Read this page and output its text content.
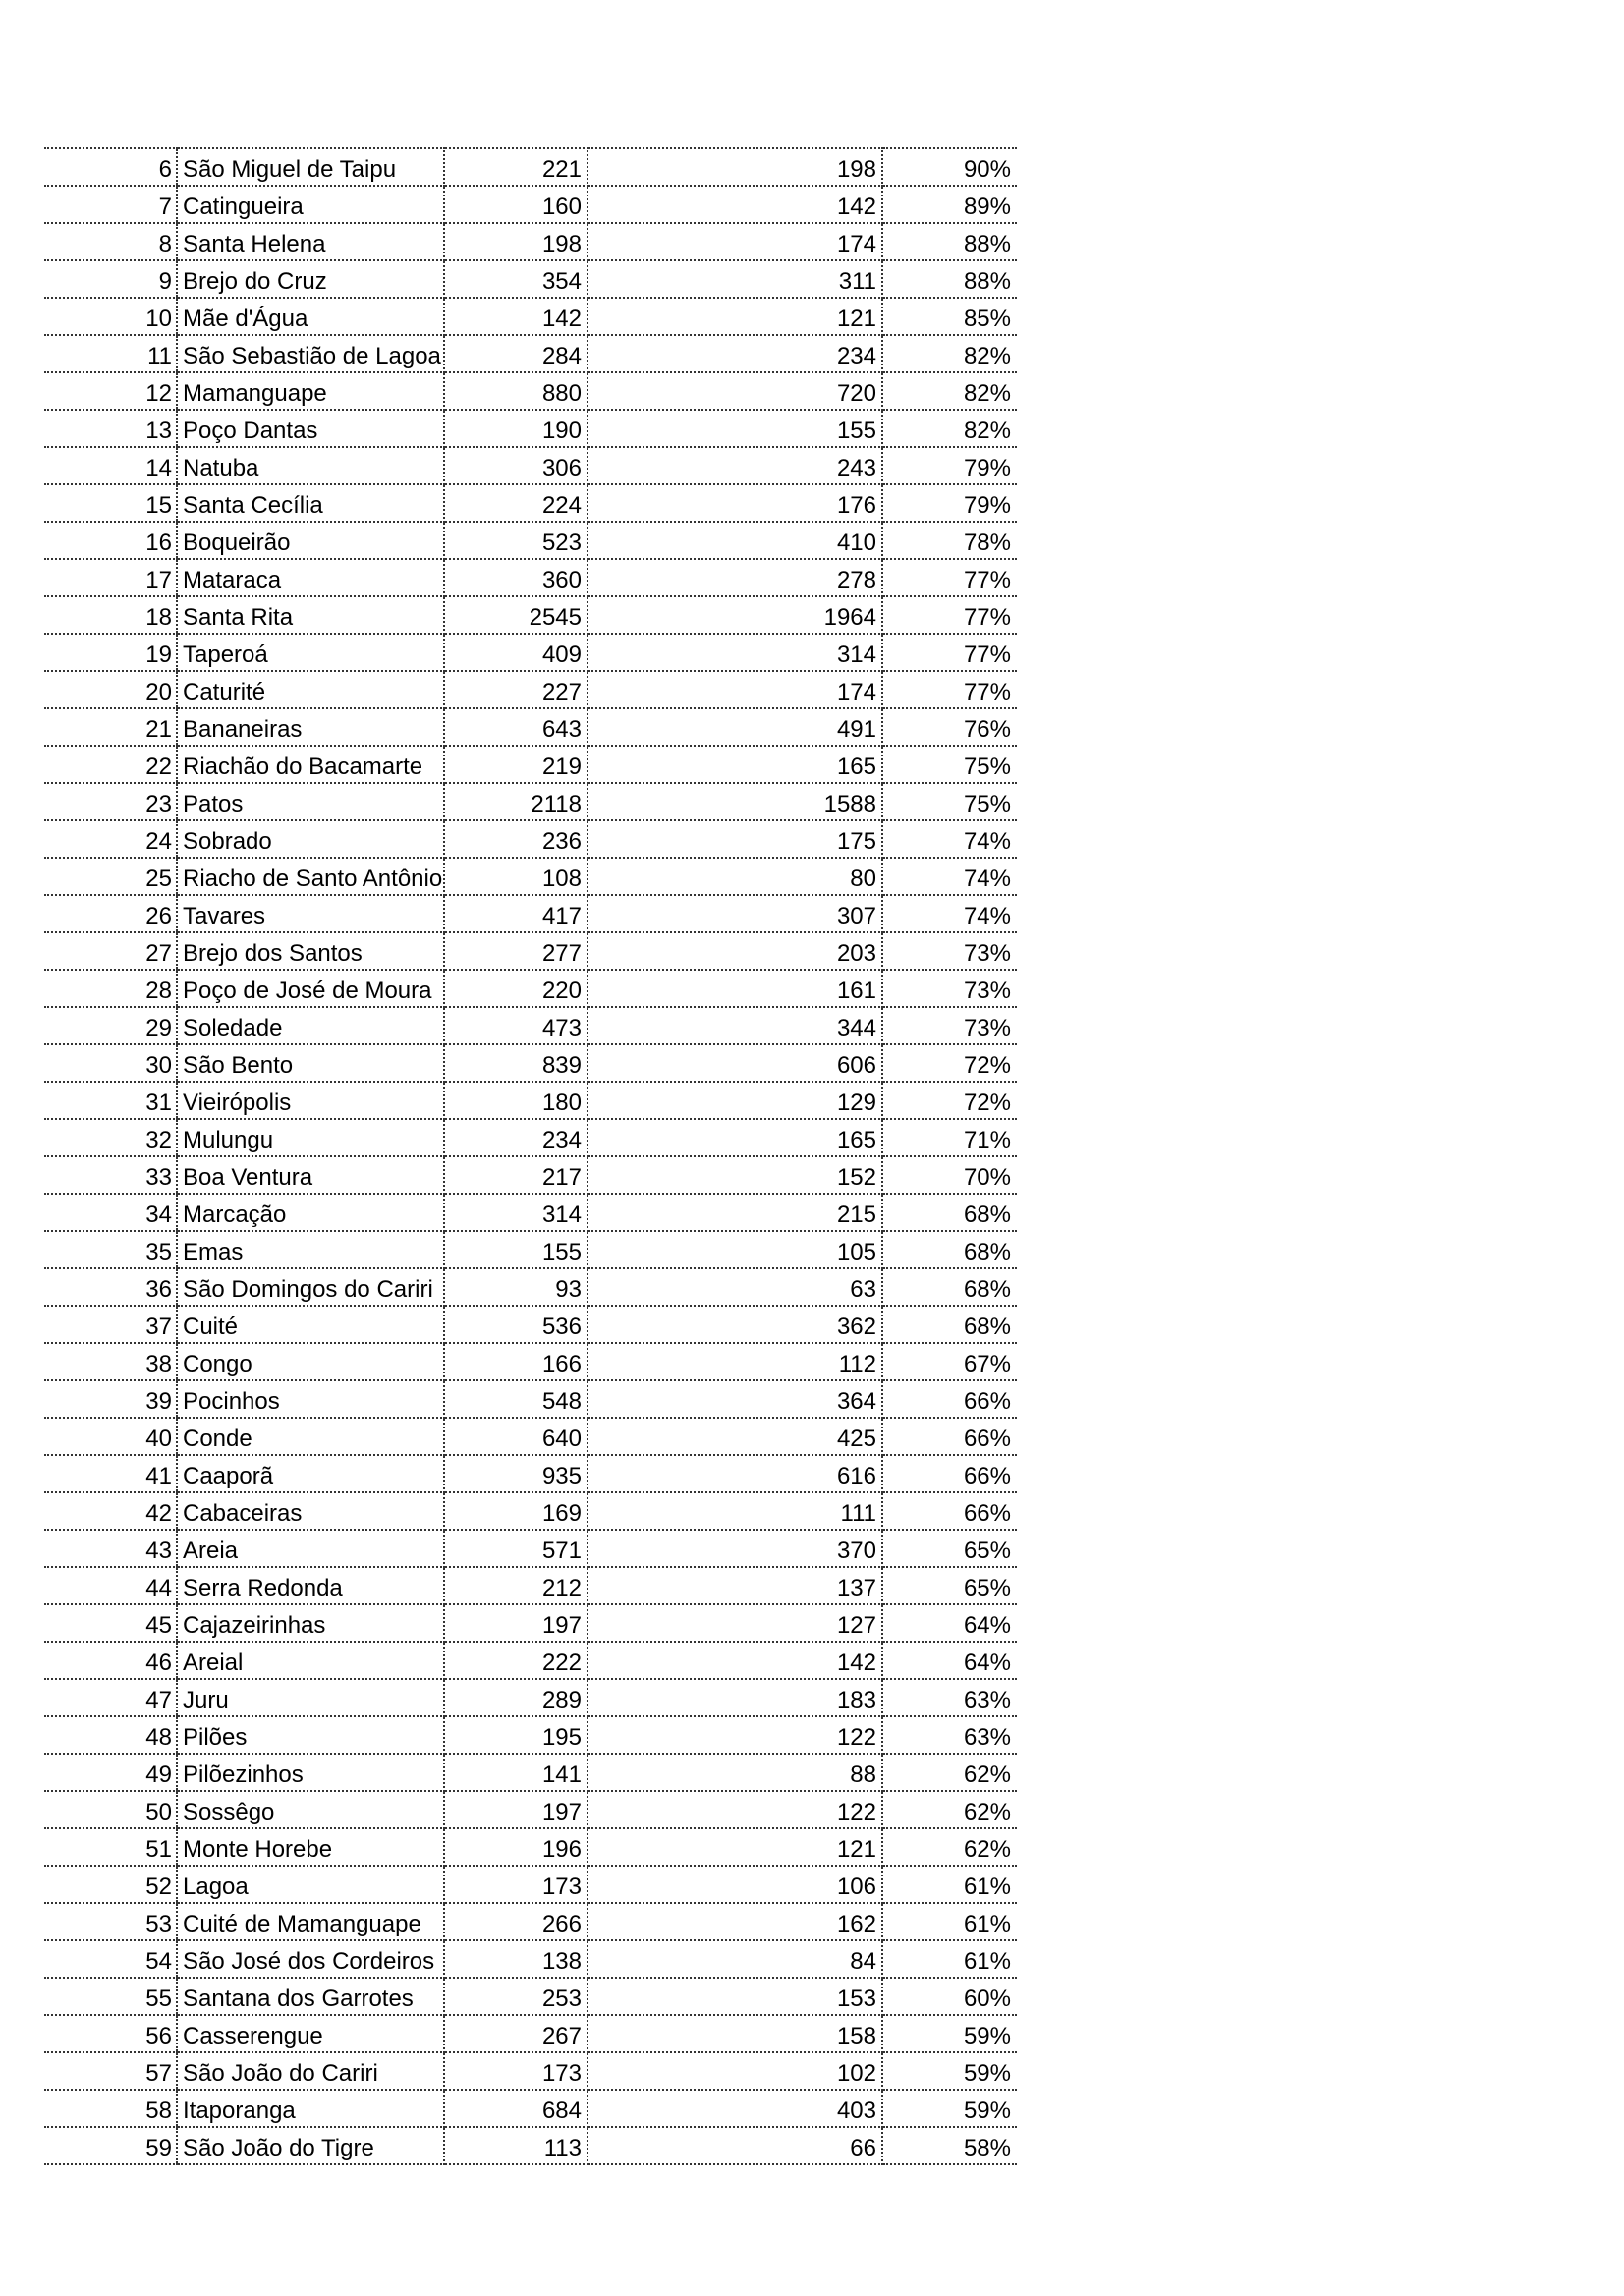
6	São Miguel de Taipu	221	198	90%
7	Catingueira	160	142	89%
8	Santa Helena	198	174	88%
9	Brejo do Cruz	354	311	88%
10	Mãe d'Água	142	121	85%
11	São Sebastião de Lagoa	284	234	82%
12	Mamanguape	880	720	82%
13	Poço Dantas	190	155	82%
14	Natuba	306	243	79%
15	Santa Cecília	224	176	79%
16	Boqueirão	523	410	78%
17	Mataraca	360	278	77%
18	Santa Rita	2545	1964	77%
19	Taperoá	409	314	77%
20	Caturité	227	174	77%
21	Bananeiras	643	491	76%
22	Riachão do Bacamarte	219	165	75%
23	Patos	2118	1588	75%
24	Sobrado	236	175	74%
25	Riacho de Santo Antônio	108	80	74%
26	Tavares	417	307	74%
27	Brejo dos Santos	277	203	73%
28	Poço de José de Moura	220	161	73%
29	Soledade	473	344	73%
30	São Bento	839	606	72%
31	Vieirópolis	180	129	72%
32	Mulungu	234	165	71%
33	Boa Ventura	217	152	70%
34	Marcação	314	215	68%
35	Emas	155	105	68%
36	São Domingos do Cariri	93	63	68%
37	Cuité	536	362	68%
38	Congo	166	112	67%
39	Pocinhos	548	364	66%
40	Conde	640	425	66%
41	Caaporã	935	616	66%
42	Cabaceiras	169	111	66%
43	Areia	571	370	65%
44	Serra Redonda	212	137	65%
45	Cajazeirinhas	197	127	64%
46	Areial	222	142	64%
47	Juru	289	183	63%
48	Pilões	195	122	63%
49	Pilõezinhos	141	88	62%
50	Sossêgo	197	122	62%
51	Monte Horebe	196	121	62%
52	Lagoa	173	106	61%
53	Cuité de Mamanguape	266	162	61%
54	São José dos Cordeiros	138	84	61%
55	Santana dos Garrotes	253	153	60%
56	Casserengue	267	158	59%
57	São João do Cariri	173	102	59%
58	Itaporanga	684	403	59%
59	São João do Tigre	113	66	58%
